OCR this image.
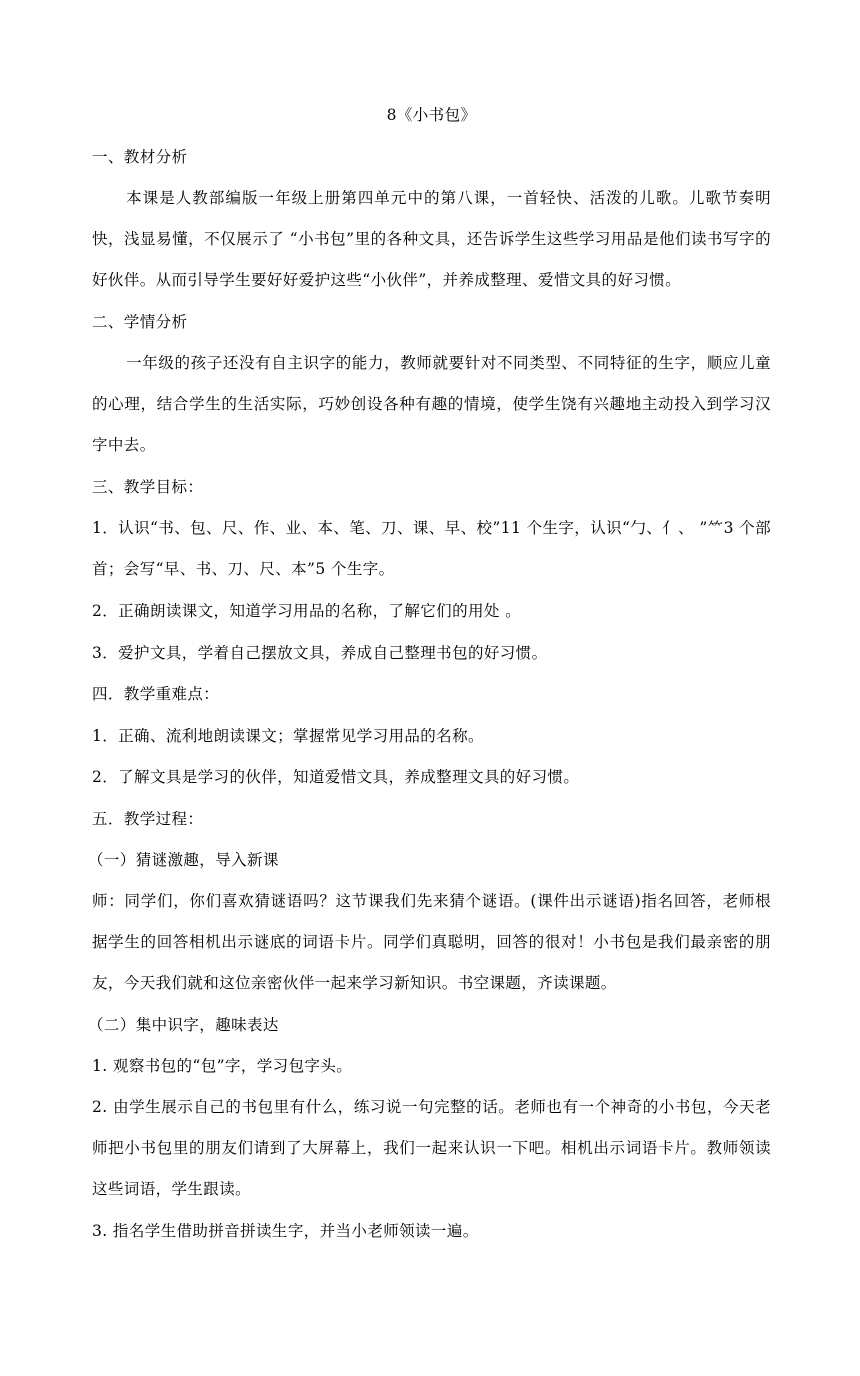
8《小书包》
一、教材分析
本课是人教部编版一年级上册第四单元中的第八课，一首轻快、活泼的儿歌。儿歌节奏明快，浅显易懂，不仅展示了 “小书包”里的各种文具，还告诉学生这些学习用品是他们读书写字的好伙伴。从而引导学生要好好爱护这些“小伙伴”，并养成整理、爱惜文具的好习惯。
二、学情分析
一年级的孩子还没有自主识字的能力，教师就要针对不同类型、不同特征的生字，顺应儿童的心理，结合学生的生活实际，巧妙创设各种有趣的情境，使学生饶有兴趣地主动投入到学习汉字中去。
三、教学目标：
1．认识“书、包、尺、作、业、本、笔、刀、课、早、校”11 个生字，认识“勹、亻、 ”⺮3 个部首；会写“早、书、刀、尺、本”5 个生字。
2．正确朗读课文，知道学习用品的名称，了解它们的用处 。
3．爱护文具，学着自己摆放文具，养成自己整理书包的好习惯。
四．教学重难点：
1．正确、流利地朗读课文；掌握常见学习用品的名称。
2．了解文具是学习的伙伴，知道爱惜文具，养成整理文具的好习惯。
五．教学过程：
（一）猜谜激趣，导入新课
师：同学们，你们喜欢猜谜语吗？这节课我们先来猜个谜语。(课件出示谜语)指名回答，老师根据学生的回答相机出示谜底的词语卡片。同学们真聪明，回答的很对！小书包是我们最亲密的朋友，今天我们就和这位亲密伙伴一起来学习新知识。书空课题，齐读课题。
（二）集中识字，趣味表达
1. 观察书包的“包”字，学习包字头。
2. 由学生展示自己的书包里有什么，练习说一句完整的话。老师也有一个神奇的小书包，今天老师把小书包里的朋友们请到了大屏幕上，我们一起来认识一下吧。相机出示词语卡片。教师领读这些词语，学生跟读。
3. 指名学生借助拼音拼读生字，并当小老师领读一遍。
